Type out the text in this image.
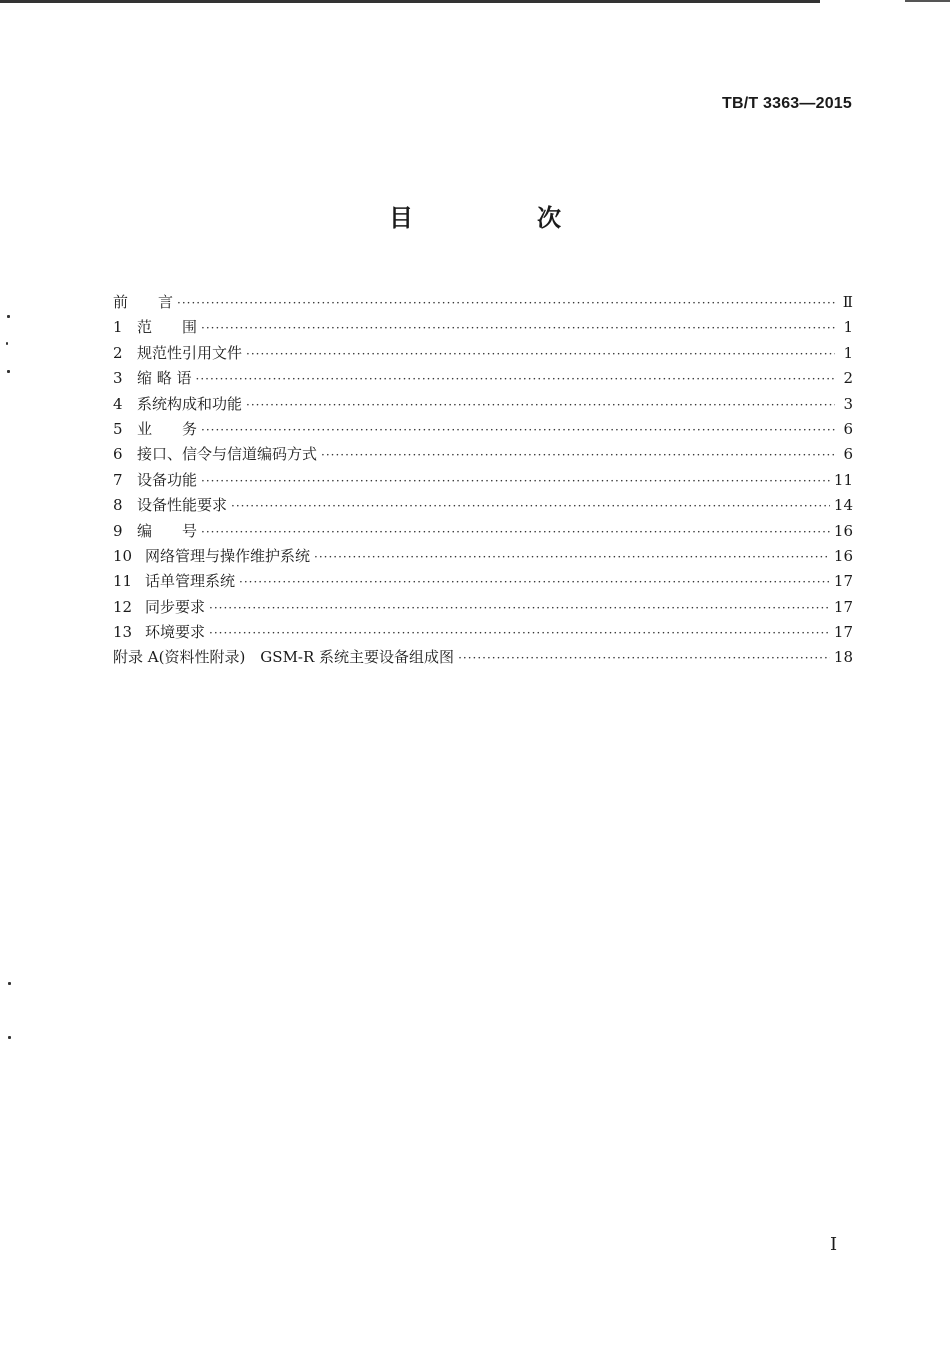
TB/T 3363—2015
目　次
前　　言 ·····	Ⅱ
1 范　　围 ·····	1
2 规范性引用文件 ·····	1
3 缩 略 语 ·····	2
4 系统构成和功能 ·····	3
5 业　　务 ·····	6
6 接口、信令与信道编码方式 ·····	6
7 设备功能 ·····	11
8 设备性能要求 ·····	14
9 编　　号 ·····	16
10 网络管理与操作维护系统 ·····	16
11 话单管理系统 ·····	17
12 同步要求 ·····	17
13 环境要求 ·····	17
附录 A(资料性附录)　GSM-R 系统主要设备组成图 ·····	18
I
